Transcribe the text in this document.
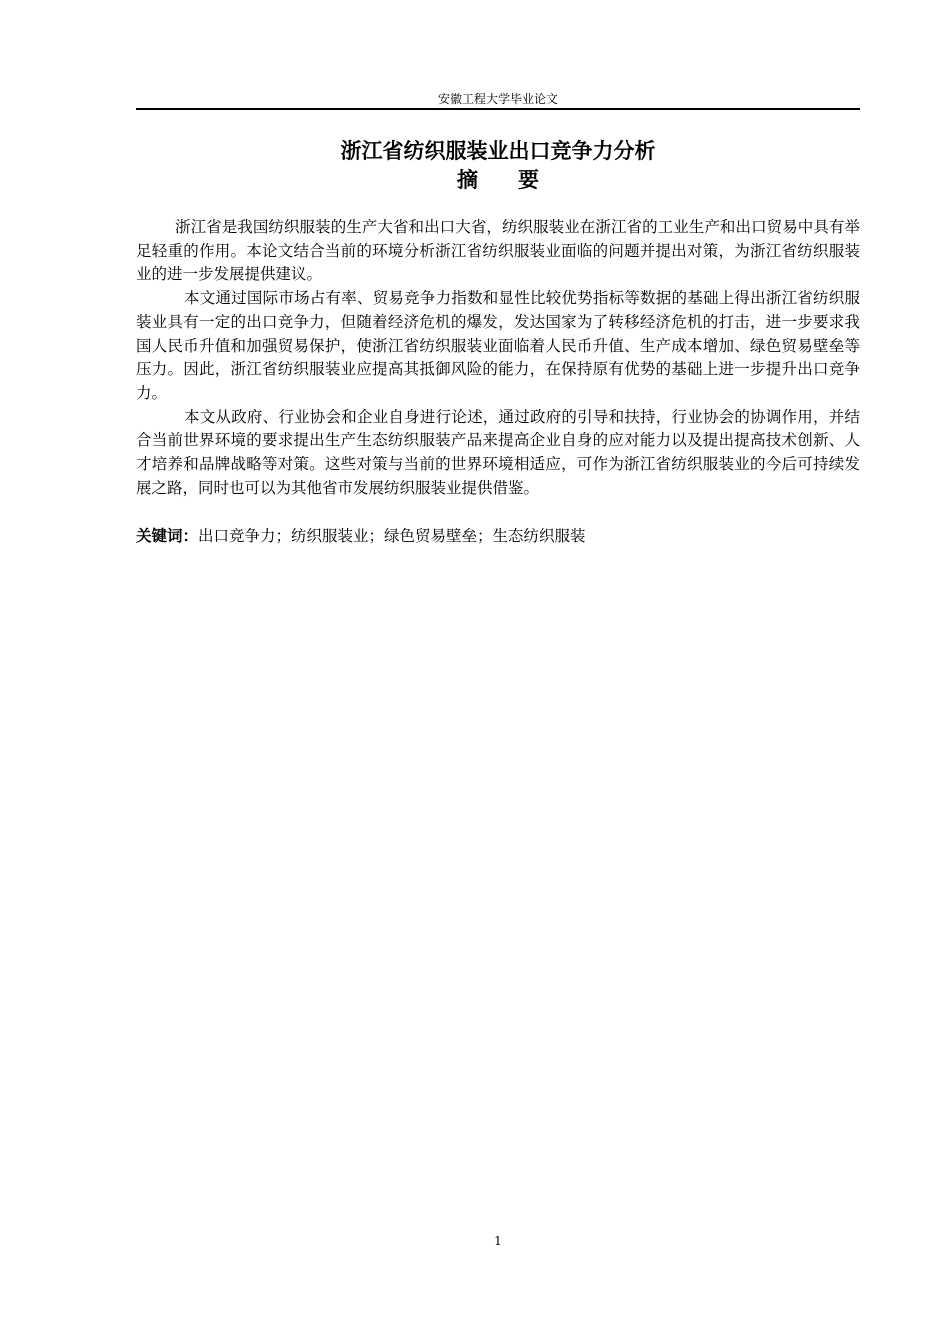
安徽工程大学毕业论文
浙江省纺织服装业出口竞争力分析
摘要

浙江省是我国纺织服装的生产大省和出口大省，纺织服装业在浙江省的工业生产和出口贸易中具有举足轻重的作用。本论文结合当前的环境分析浙江省纺织服装业面临的问题并提出对策，为浙江省纺织服装业的进一步发展提供建议。

本文通过国际市场占有率、贸易竞争力指数和显性比较优势指标等数据的基础上得出浙江省纺织服装业具有一定的出口竞争力，但随着经济危机的爆发，发达国家为了转移经济危机的打击，进一步要求我国人民币升值和加强贸易保护，使浙江省纺织服装业面临着人民币升值、生产成本增加、绿色贸易壁垒等压力。因此，浙江省纺织服装业应提高其抵御风险的能力，在保持原有优势的基础上进一步提升出口竞争力。

本文从政府、行业协会和企业自身进行论述，通过政府的引导和扶持，行业协会的协调作用，并结合当前世界环境的要求提出生产生态纺织服装产品来提高企业自身的应对能力以及提出提高技术创新、人才培养和品牌战略等对策。这些对策与当前的世界环境相适应，可作为浙江省纺织服装业的今后可持续发展之路，同时也可以为其他省市发展纺织服装业提供借鉴。

关键词：出口竞争力；纺织服装业；绿色贸易壁垒；生态纺织服装
1
